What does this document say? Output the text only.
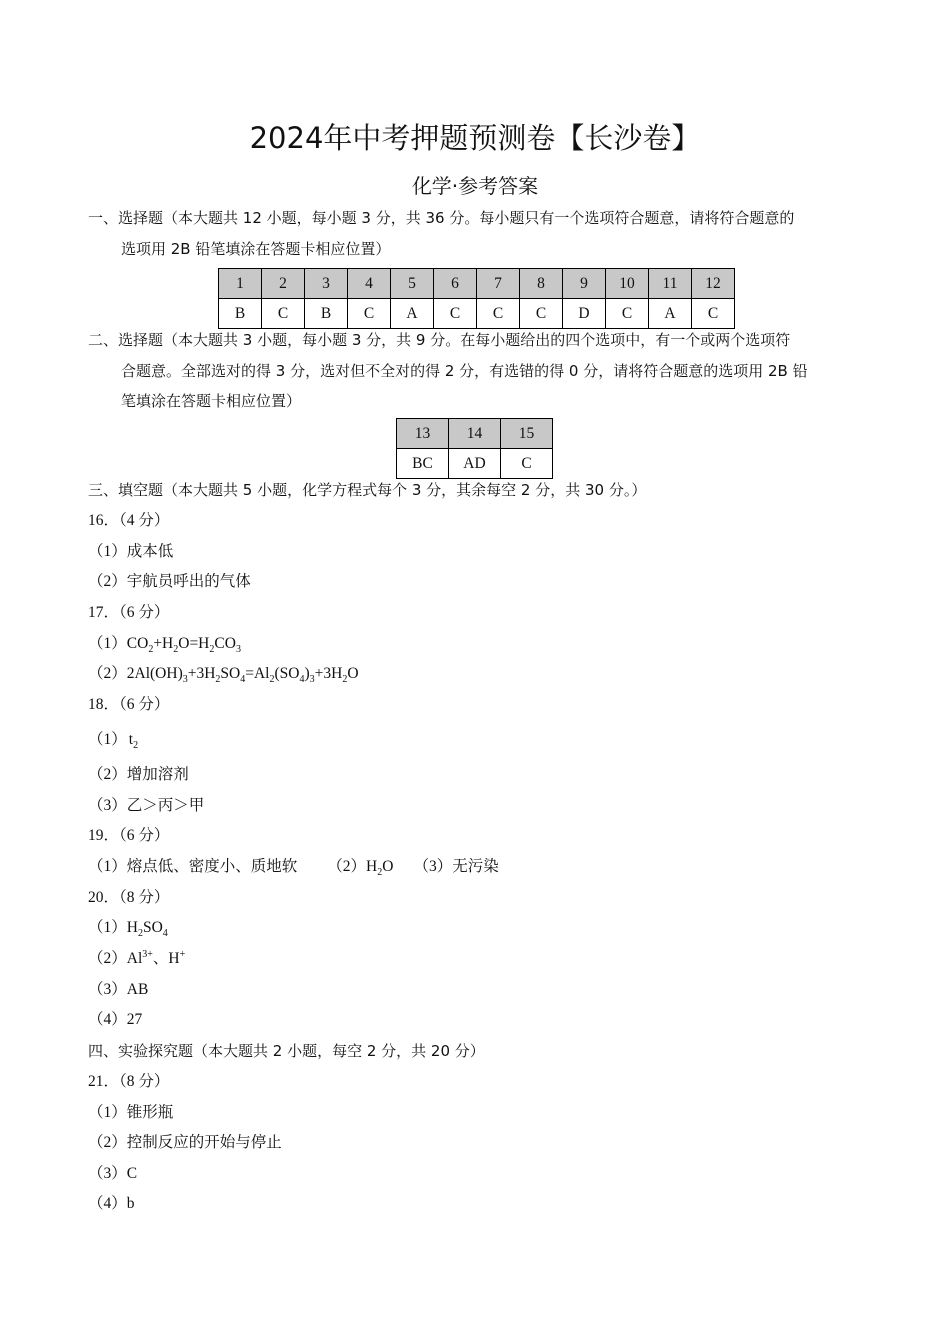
2024年中考押题预测卷【长沙卷】
化学·参考答案
一、选择题（本大题共 12 小题，每小题 3 分，共 36 分。每小题只有一个选项符合题意，请将符合题意的
选项用 2B 铅笔填涂在答题卡相应位置）
1	2	3	4	5	6	7	8	9	10	11	12
B	C	B	C	A	C	C	C	D	C	A	C
二、选择题（本大题共 3 小题，每小题 3 分，共 9 分。在每小题给出的四个选项中，有一个或两个选项符
合题意。全部选对的得 3 分，选对但不全对的得 2 分，有选错的得 0 分，请将符合题意的选项用 2B 铅
笔填涂在答题卡相应位置）
13	14	15
BC	AD	C
三、填空题（本大题共 5 小题，化学方程式每个 3 分，其余每空 2 分，共 30 分。）
16．（4 分）
（1）成本低
（2）宇航员呼出的气体
17．（6 分）
$(1)CO_2+H_2O=H_2CO_3$
$(2)2Al(OH)_3+3H_2SO_4=Al_2(SO_4)_3+3H_2O$
18．（6 分）
（1） $t_2$
（2）增加溶剂
（3）乙＞丙＞甲
19．（6 分）
（1）熔点低、密度小、质地软 $(2)H_2O$ （3）无污染
20．（8 分）
$(1)H_2SO_4$
$(2)Al^{3+}$、H+
（3）AB
（4）27
四、实验探究题（本大题共 2 小题，每空 2 分，共 20 分）
21．（8 分）
（1）锥形瓶
（2）控制反应的开始与停止
（3）C
（4）b
